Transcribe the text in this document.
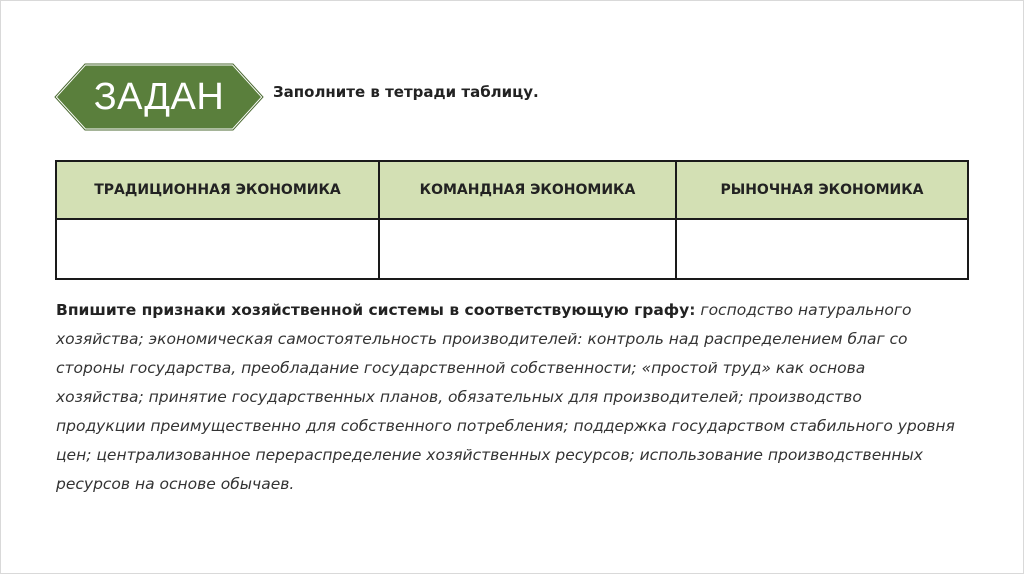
ЗАДАН	Заполните в тетради таблицу.
ТРАДИЦИОННАЯ ЭКОНОМИКА	КОМАНДНАЯ ЭКОНОМИКА	РЫНОЧНАЯ ЭКОНОМИКА

Впишите признаки хозяйственной системы в соответствующую графу: господство натурального хозяйства; экономическая самостоятельность производителей: контроль над распределением благ со стороны государства, преобладание государственной собственности; «простой труд» как основа хозяйства; принятие государственных планов, обязательных для производителей; производство продукции преимущественно для собственного потребления; поддержка государством стабильного уровня цен; централизованное перераспределение хозяйственных ресурсов; использование производственных ресурсов на основе обычаев.
